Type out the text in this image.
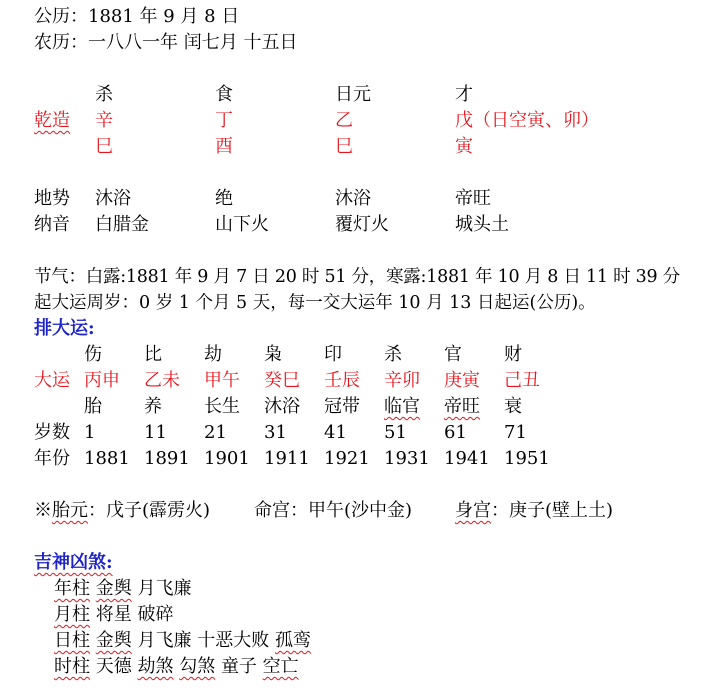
公历：1881 年 9 月 8 日
农历：一八八一年 闰七月 十五日
杀	食	日元	才
乾造 辛	丁	乙	戊（日空寅、卯）
巳	酉	巳	寅
地势 沐浴	绝	沐浴	帝旺
纳音 白腊金	山下火	覆灯火	城头土
节气：白露:1881 年 9 月 7 日 20 时 51 分，寒露:1881 年 10 月 8 日 11 时 39 分
起大运周岁：0 岁 1 个月 5 天，每一交大运年 10 月 13 日起运(公历)。
排大运:
伤 比 劫 枭 印 杀 官 财
大运 丙申 乙未 甲午 癸巳 壬辰 辛卯 庚寅 己丑
胎 养 长生 沐浴 冠带 临官 帝旺 衰
岁数 1	11 21 31 41 51 61 71
年份 1881 1891 1901 1911 1921 1931 1941 1951
※胎元：戊子(霹雳火) 命宫：甲午(沙中金) 身宫：庚子(壁上土)
吉神凶煞:
年柱 金舆 月飞廉
月柱 将星 破碎
日柱 金舆 月飞廉 十恶大败 孤鸾
时柱 天德 劫煞 勾煞 童子 空亡
